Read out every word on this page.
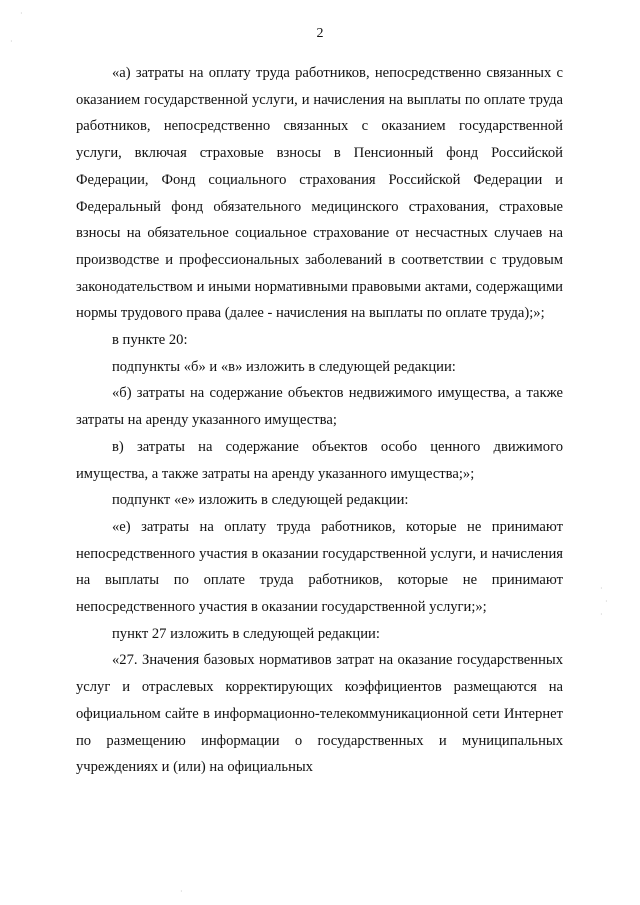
2

«а) затраты на оплату труда работников, непосредственно связанных с оказанием государственной услуги, и начисления на выплаты по оплате труда работников, непосредственно связанных с оказанием государственной услуги, включая страховые взносы в Пенсионный фонд Российской Федерации, Фонд социального страхования Российской Федерации и Федеральный фонд обязательного медицинского страхования, страховые взносы на обязательное социальное страхование от несчастных случаев на производстве и профессиональных заболеваний в соответствии с трудовым законодательством и иными нормативными правовыми актами, содержащими нормы трудового права (далее - начисления на выплаты по оплате труда);»;

в пункте 20:

подпункты «б» и «в» изложить в следующей редакции:

«б) затраты на содержание объектов недвижимого имущества, а также затраты на аренду указанного имущества;

в) затраты на содержание объектов особо ценного движимого имущества, а также затраты на аренду указанного имущества;»;

подпункт «е» изложить в следующей редакции:

«е) затраты на оплату труда работников, которые не принимают непосредственного участия в оказании государственной услуги, и начисления на выплаты по оплате труда работников, которые не принимают непосредственного участия в оказании государственной услуги;»;

пункт 27 изложить в следующей редакции:

«27. Значения базовых нормативов затрат на оказание государственных услуг и отраслевых корректирующих коэффициентов размещаются на официальном сайте в информационно-телекоммуникационной сети Интернет по размещению информации о государственных и муниципальных учреждениях и (или) на официальных

·
·
·
·
·
·
